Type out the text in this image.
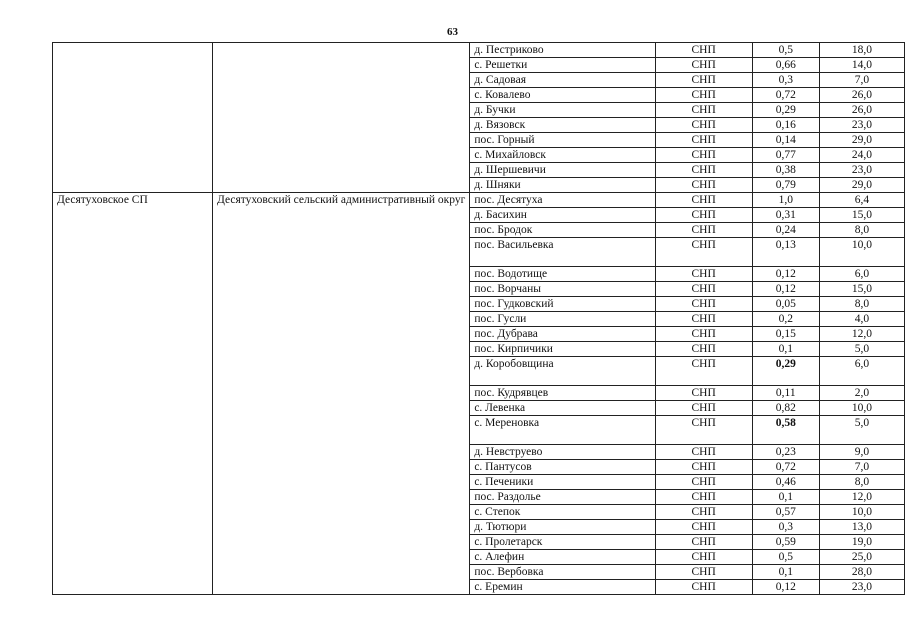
63
		д. Пестриково	СНП	0,5	18,0
		с. Решетки	СНП	0,66	14,0
		д. Садовая	СНП	0,3	7,0
		с. Ковалево	СНП	0,72	26,0
		д. Бучки	СНП	0,29	26,0
		д. Вязовск	СНП	0,16	23,0
		пос. Горный	СНП	0,14	29,0
		с. Михайловск	СНП	0,77	24,0
		д. Шершевичи	СНП	0,38	23,0
		д. Шняки	СНП	0,79	29,0
Десятуховское СП	Десятуховский сельский административный округ	пос. Десятуха	СНП	1,0	6,4
		д. Басихин	СНП	0,31	15,0
		пос. Бродок	СНП	0,24	8,0
		пос. Васильевка	СНП	0,13	10,0
		пос. Водотище	СНП	0,12	6,0
		пос. Ворчаны	СНП	0,12	15,0
		пос. Гудковский	СНП	0,05	8,0
		пос. Гусли	СНП	0,2	4,0
		пос. Дубрава	СНП	0,15	12,0
		пос. Кирпичики	СНП	0,1	5,0
		д. Коробовщина	СНП	0,29	6,0
		пос. Кудрявцев	СНП	0,11	2,0
		с. Левенка	СНП	0,82	10,0
		с. Мереновка	СНП	0,58	5,0
		д. Невструево	СНП	0,23	9,0
		с. Пантусов	СНП	0,72	7,0
		с. Печеники	СНП	0,46	8,0
		пос. Раздолье	СНП	0,1	12,0
		с. Степок	СНП	0,57	10,0
		д. Тютюри	СНП	0,3	13,0
		с. Пролетарск	СНП	0,59	19,0
		с. Алефин	СНП	0,5	25,0
		пос. Вербовка	СНП	0,1	28,0
		с. Еремин	СНП	0,12	23,0
